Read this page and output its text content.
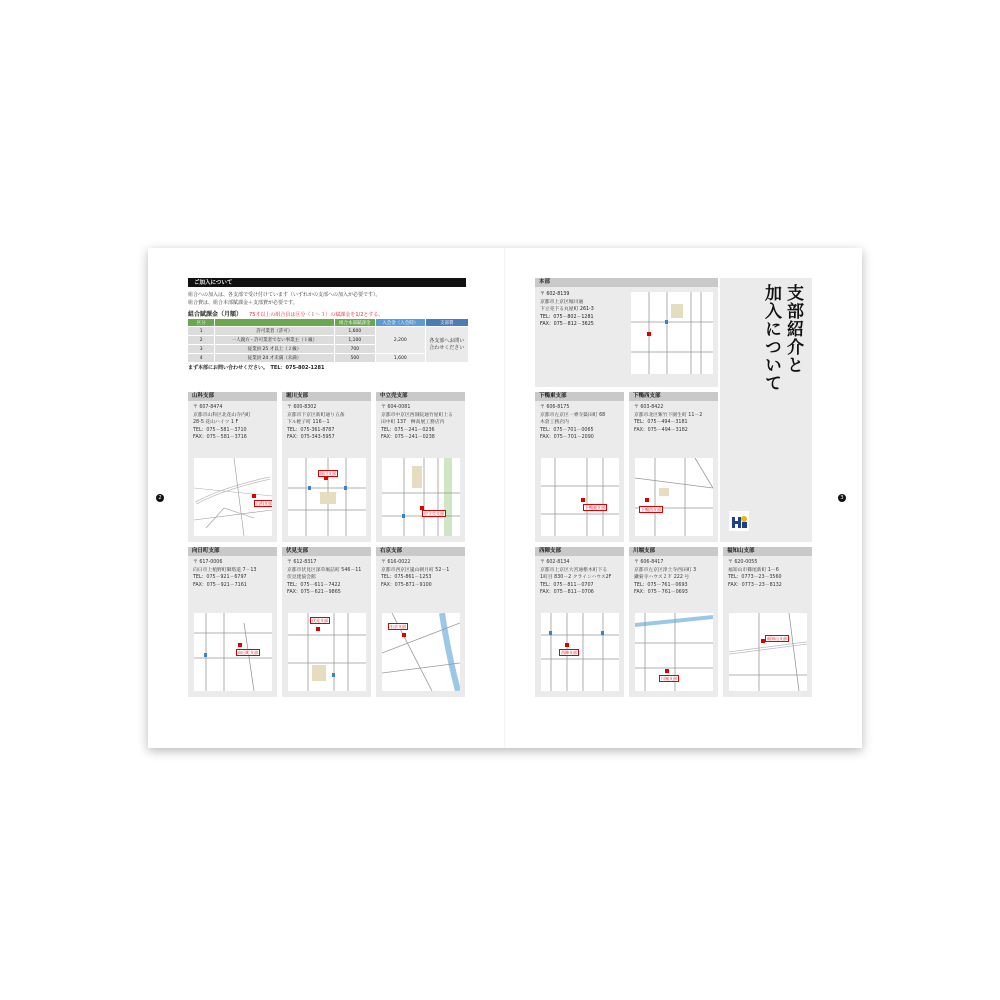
2	3
ご加入について
組合への加入は、各支部で受け付けています（いずれかの支部への加入が必要です）。
組合費は、組合本部賦課金＋支部費が必要です。
組合賦課金（月額） 75才以上の組合員は区分（１～３）の賦課金を1/2とする。
区分		組合本部賦課金	入会金（入会時）	支部費
1	許可業者（許可）	1,600	2,200	各支部へお問い合わせください
2	一人親方・許可業者でない事業主（１級）	1,100		
3	従業員 25 才以上（２級）	700		
4	従業員 24 才未満（未満）	500	1,600	
まず本部にお問い合わせください。　TEL：075-802-1281
山科支部
〒 607-8474
京都市山科区北花山寺内町
28-5 花山ハイツ 1 F
TEL：075－581－3710
FAX：075－581－3716
山科支部
堀川支部
〒 600-8302
京都市下京区新町通り五条
下ル蛭子町 116－1
TEL：075-361-8787
FAX：075-343-5957
堀川支部
中立売支部
〒 604-0081
京都市中京区西洞院通竹屋町上る
田中町 137　桝高展工務店内
TEL：075－241－0236
FAX：075－241－0238
中立売支部
向日町支部
〒 617-0006
向日市上植野町御塔道 7－13
TEL：075－921－6797
FAX：075－921－7161
向日町支部
伏見支部
〒 612-8317
京都市伏見区深草堀詰町 546－11
伏見建協会館
TEL：075－611－7422
FAX：075－621－9865
伏見支部
右京支部
〒 616-0022
京都市西京区嵐山朝月町 52－1
TEL：075-861－1253
FAX：075-871－9100
右京支部
本部
〒 602-8139
京都市上京区堀川通
下立売下る丸屋町 261-3
TEL：075－802－1281
FAX：075－812－3625	支部紹介と
加入について
下鴨東支部
〒 606-8175
京都市左京区一乗寺築田町 68
木倉工務店内
TEL：075－701－0065
FAX：075－701－2090
下鴨東支部
下鴨西支部
〒 603-8422
京都市北区紫竹下園生町 11－2
TEL：075－494－3181
FAX：075－494－3182
下鴨西支部
西陣支部
〒 602-8134
京都市上京区大宮通椹木町下る
1町目 830－2 クラインハウス2F
TEL：075－811－0707
FAX：075－811－0706
西陣支部
川端支部
〒 606-8417
京都市左京区浄土寺西田町 3
鎌菊寺ハウス２Ｆ 222 号
TEL：075－761－0693
FAX：075－761－0693
川端支部
福知山支部
〒 620-0055
福知山市篠尾新町 1－6
TEL：0773－23－3560
FAX：0773－23－8132
福知山支部
